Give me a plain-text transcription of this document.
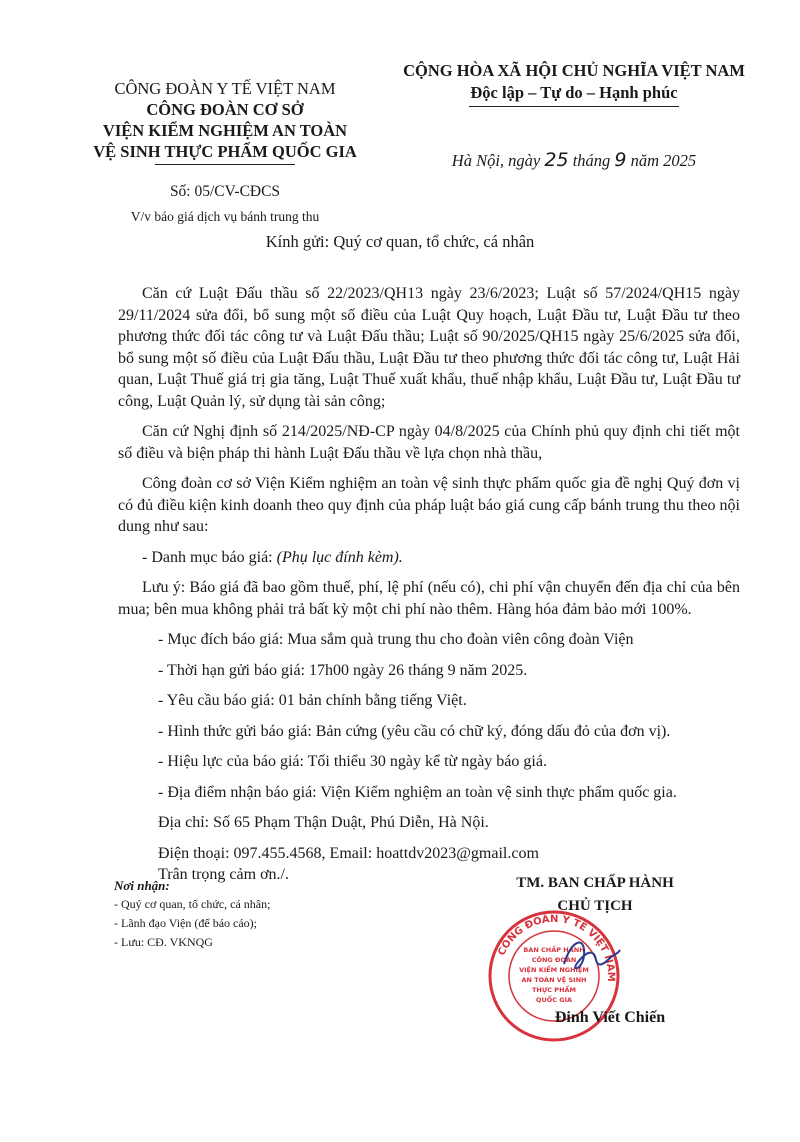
CÔNG ĐOÀN Y TẾ VIỆT NAM
CÔNG ĐOÀN CƠ SỞ
VIỆN KIỂM NGHIỆM AN TOÀN
VỆ SINH THỰC PHẨM QUỐC GIA
Số: 05/CV-CĐCS
V/v báo giá dịch vụ bánh trung thu
CỘNG HÒA XÃ HỘI CHỦ NGHĨA VIỆT NAM
Độc lập – Tự do – Hạnh phúc
Hà Nội, ngày 25 tháng 9 năm 2025
Kính gửi: Quý cơ quan, tổ chức, cá nhân

Căn cứ Luật Đấu thầu số 22/2023/QH13 ngày 23/6/2023; Luật số 57/2024/QH15 ngày 29/11/2024 sửa đổi, bổ sung một số điều của Luật Quy hoạch, Luật Đầu tư, Luật Đầu tư theo phương thức đối tác công tư và Luật Đấu thầu; Luật số 90/2025/QH15 ngày 25/6/2025 sửa đổi, bổ sung một số điều của Luật Đấu thầu, Luật Đầu tư theo phương thức đối tác công tư, Luật Hải quan, Luật Thuế giá trị gia tăng, Luật Thuế xuất khẩu, thuế nhập khẩu, Luật Đầu tư, Luật Đầu tư công, Luật Quản lý, sử dụng tài sản công;

Căn cứ Nghị định số 214/2025/NĐ-CP ngày 04/8/2025 của Chính phủ quy định chi tiết một số điều và biện pháp thi hành Luật Đấu thầu về lựa chọn nhà thầu,

Công đoàn cơ sở Viện Kiểm nghiệm an toàn vệ sinh thực phẩm quốc gia đề nghị Quý đơn vị có đủ điều kiện kinh doanh theo quy định của pháp luật báo giá cung cấp bánh trung thu theo nội dung như sau:

- Danh mục báo giá: (Phụ lục đính kèm).

Lưu ý: Báo giá đã bao gồm thuế, phí, lệ phí (nếu có), chi phí vận chuyển đến địa chỉ của bên mua; bên mua không phải trả bất kỳ một chi phí nào thêm. Hàng hóa đảm bảo mới 100%.

- Mục đích báo giá: Mua sắm quà trung thu cho đoàn viên công đoàn Viện

- Thời hạn gửi báo giá: 17h00 ngày 26 tháng 9 năm 2025.

- Yêu cầu báo giá: 01 bản chính bằng tiếng Việt.

- Hình thức gửi báo giá: Bản cứng (yêu cầu có chữ ký, đóng dấu đỏ của đơn vị).

- Hiệu lực của báo giá: Tối thiểu 30 ngày kể từ ngày báo giá.

- Địa điểm nhận báo giá: Viện Kiểm nghiệm an toàn vệ sinh thực phẩm quốc gia.

Địa chỉ: Số 65 Phạm Thận Duật, Phú Diễn, Hà Nội.

Điện thoại: 097.455.4568, Email: hoattdv2023@gmail.com

Trân trọng cảm ơn./.

Nơi nhận:
- Quý cơ quan, tổ chức, cá nhân;
- Lãnh đạo Viện (để báo cáo);
- Lưu: CĐ. VKNQG
TM. BAN CHẤP HÀNH
CHỦ TỊCH
CÔNG ĐOÀN Y TẾ VIỆT NAM
BAN CHẤP HÀNH
CÔNG ĐOÀN
VIỆN KIỂM NGHIỆM
AN TOÀN VỆ SINH
THỰC PHẨM
QUỐC GIA
Đinh Viết Chiến
